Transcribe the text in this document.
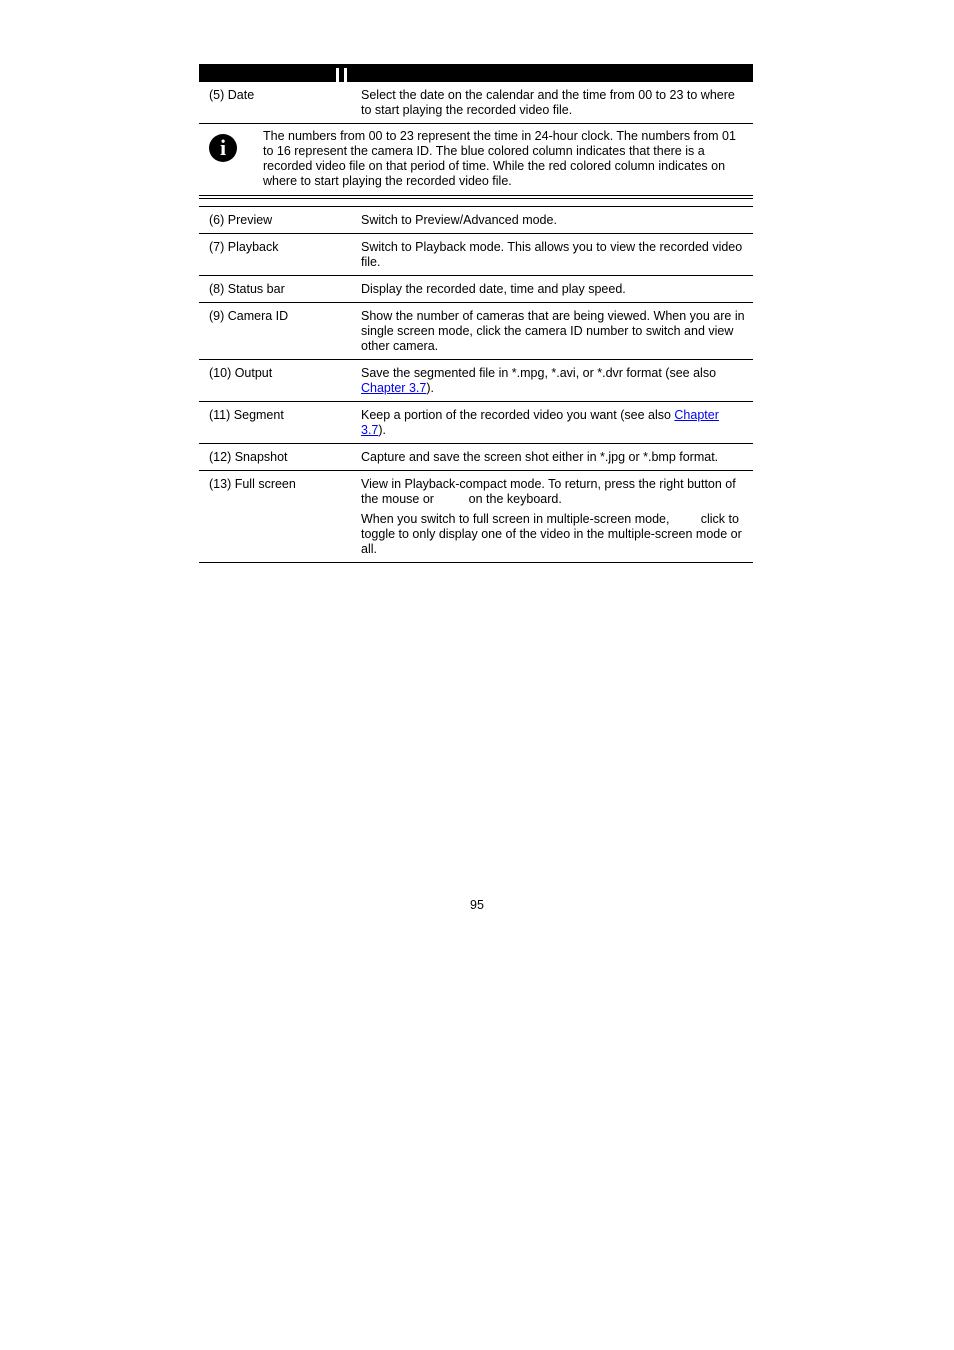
(5) Date	Select the date on the calendar and the time from 00 to 23 to where to start playing the recorded video file.
i	The numbers from 00 to 23 represent the time in 24-hour clock. The numbers from 01 to 16 represent the camera ID. The blue colored column indicates that there is a recorded video file on that period of time. While the red colored column indicates on where to start playing the recorded video file.
(6) Preview	Switch to Preview/Advanced mode.
(7) Playback	Switch to Playback mode. This allows you to view the recorded video file.
(8) Status bar	Display the recorded date, time and play speed.
(9) Camera ID	Show the number of cameras that are being viewed. When you are in single screen mode, click the camera ID number to switch and view other camera.
(10) Output	Save the segmented file in *.mpg, *.avi, or *.dvr format (see also Chapter 3.7).
(11) Segment	Keep a portion of the recorded video you want (see also Chapter 3.7).
(12) Snapshot	Capture and save the screen shot either in *.jpg or *.bmp format.
(13) Full screen	View in Playback-compact mode. To return, press the right button of the mouse or          on the keyboard.

When you switch to full screen in multiple-screen mode,         click to toggle to only display one of the video in the multiple-screen mode or all.

95
